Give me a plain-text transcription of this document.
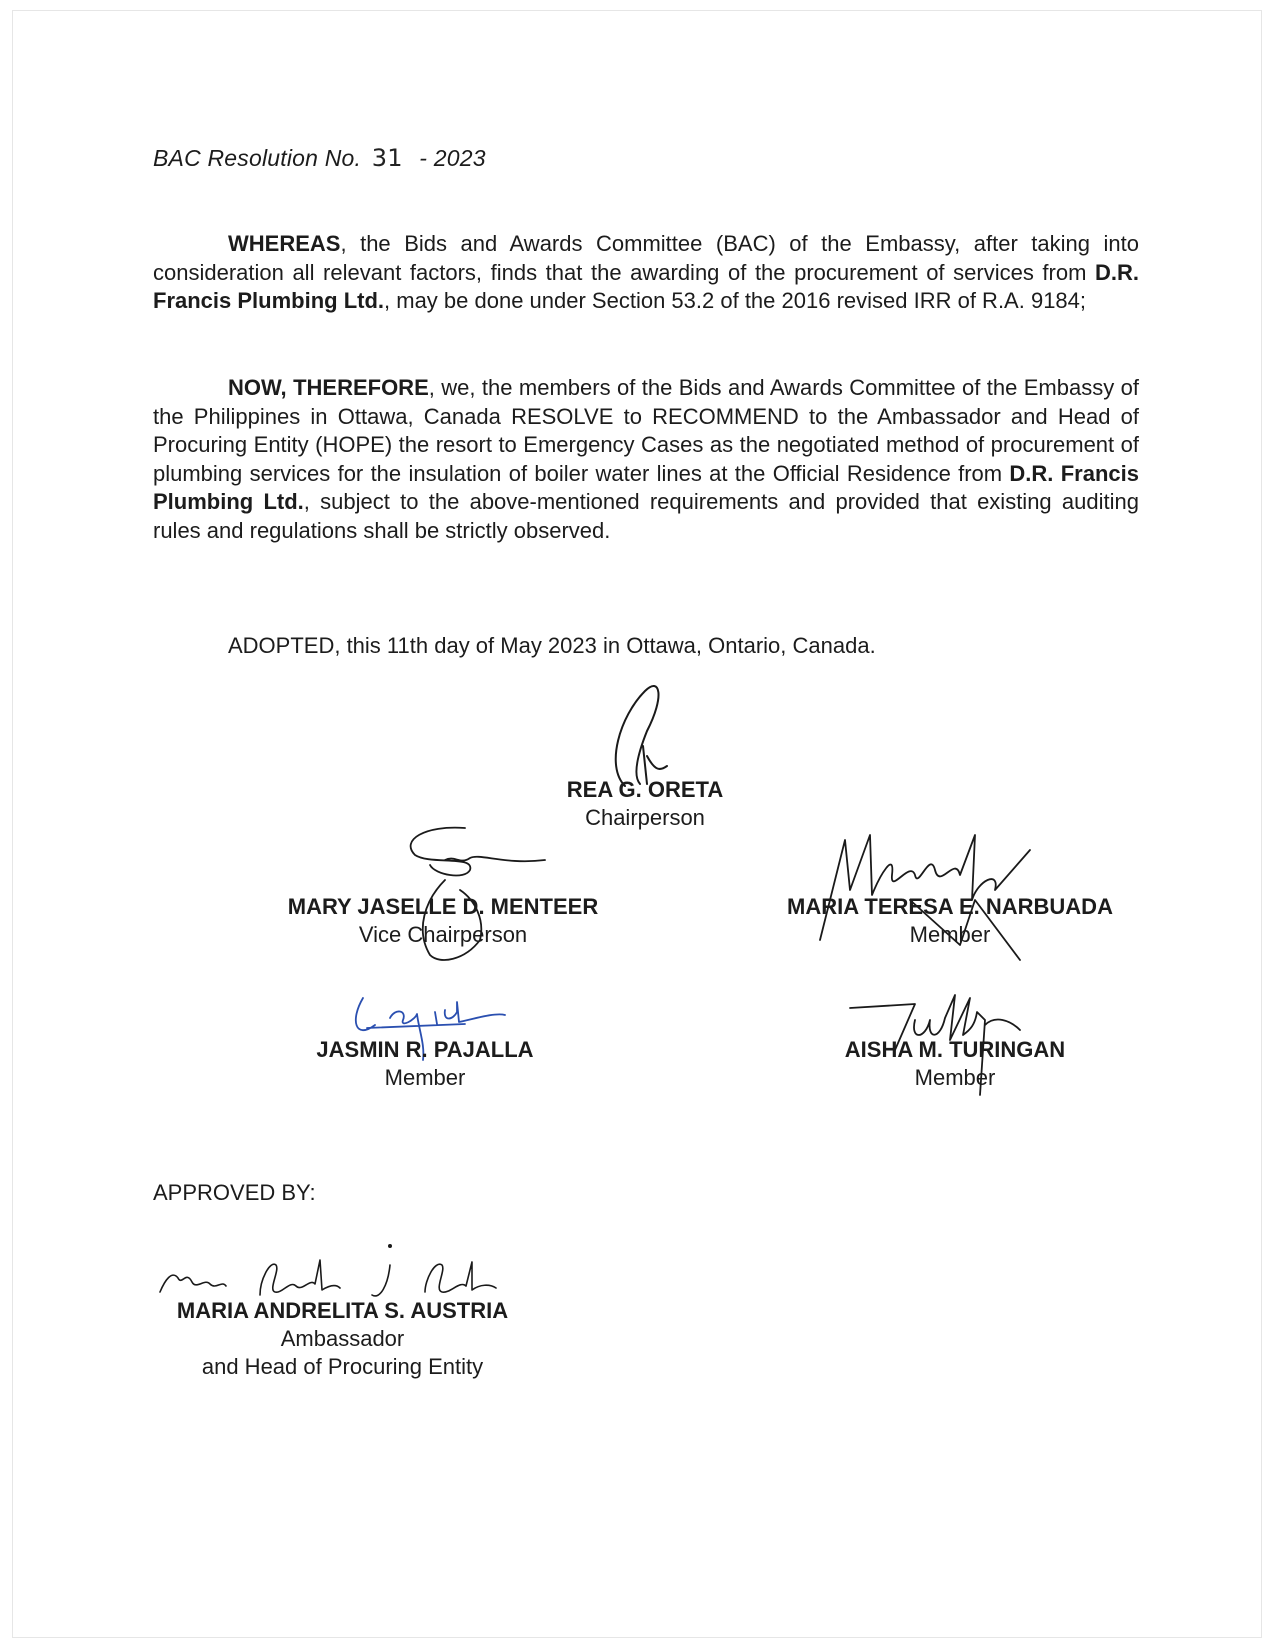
BAC Resolution No. 31 - 2023

WHEREAS, the Bids and Awards Committee (BAC) of the Embassy, after taking into consideration all relevant factors, finds that the awarding of the procurement of services from D.R. Francis Plumbing Ltd., may be done under Section 53.2 of the 2016 revised IRR of R.A. 9184;

NOW, THEREFORE, we, the members of the Bids and Awards Committee of the Embassy of the Philippines in Ottawa, Canada RESOLVE to RECOMMEND to the Ambassador and Head of Procuring Entity (HOPE) the resort to Emergency Cases as the negotiated method of procurement of plumbing services for the insulation of boiler water lines at the Official Residence from D.R. Francis Plumbing Ltd., subject to the above-mentioned requirements and provided that existing auditing rules and regulations shall be strictly observed.

ADOPTED, this 11th day of May 2023 in Ottawa, Ontario, Canada.
REA G. ORETA
Chairperson
MARY JASELLE D. MENTEER
Vice Chairperson
MARIA TERESA E. NARBUADA
Member
JASMIN R. PAJALLA
Member
AISHA M. TURINGAN
Member
APPROVED BY:
MARIA ANDRELITA S. AUSTRIA
Ambassador
and Head of Procuring Entity
